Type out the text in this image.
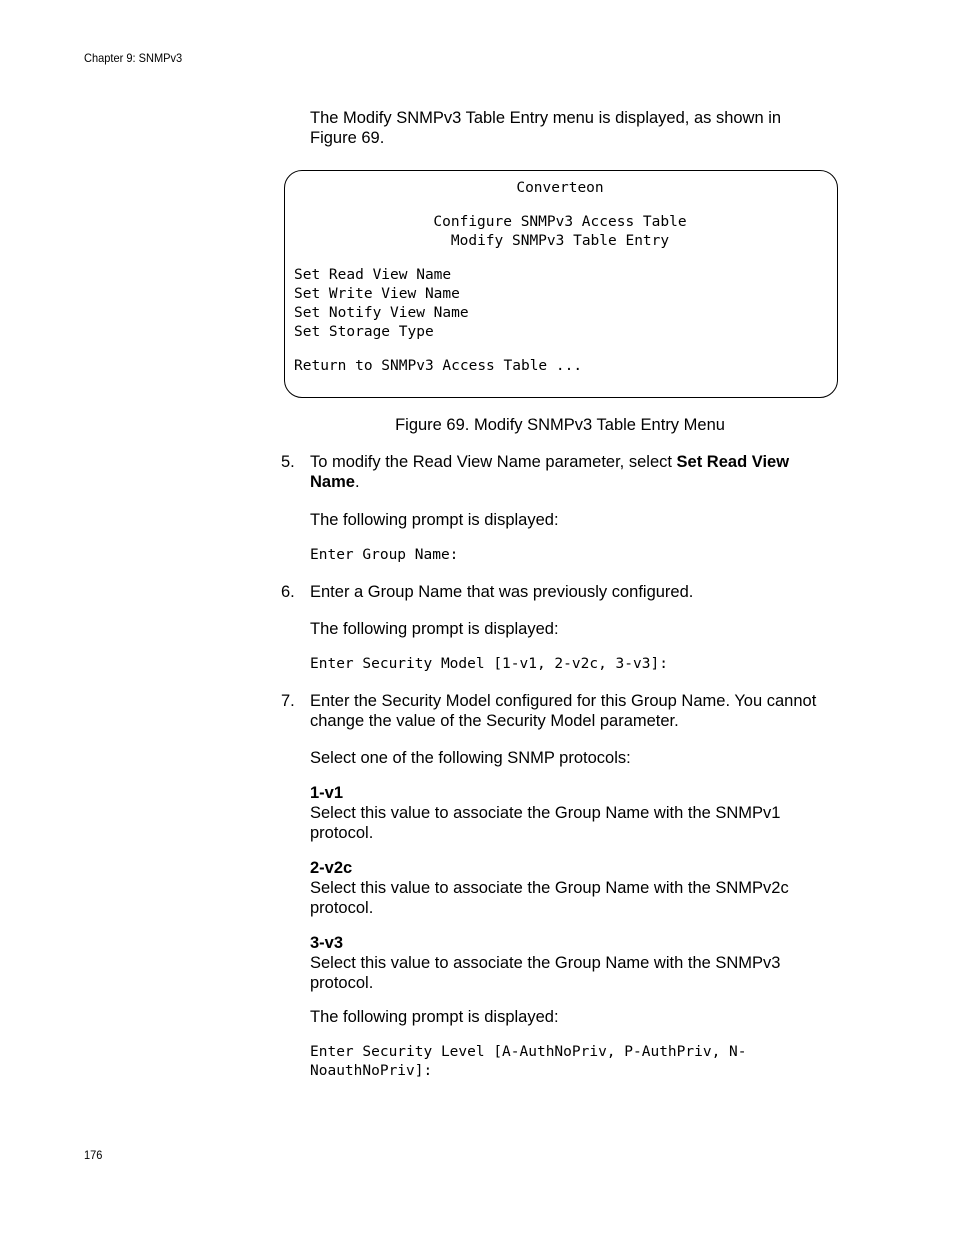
Chapter 9: SNMPv3
The Modify SNMPv3 Table Entry menu is displayed, as shown in Figure 69.
Converteon
Configure SNMPv3 Access Table
Modify SNMPv3 Table Entry
Set Read View Name
Set Write View Name
Set Notify View Name
Set Storage Type
Return to SNMPv3 Access Table ...
Figure 69. Modify SNMPv3 Table Entry Menu
5. To modify the Read View Name parameter, select Set Read View
Name.
The following prompt is displayed:
Enter Group Name:
6. Enter a Group Name that was previously configured.
The following prompt is displayed:
Enter Security Model [1-v1, 2-v2c, 3-v3]:
7. Enter the Security Model configured for this Group Name. You cannot
change the value of the Security Model parameter.
Select one of the following SNMP protocols:
1-v1
Select this value to associate the Group Name with the SNMPv1
protocol.
2-v2c
Select this value to associate the Group Name with the SNMPv2c
protocol.
3-v3
Select this value to associate the Group Name with the SNMPv3
protocol.
The following prompt is displayed:
Enter Security Level [A-AuthNoPriv, P-AuthPriv, N-
NoauthNoPriv]:
176
